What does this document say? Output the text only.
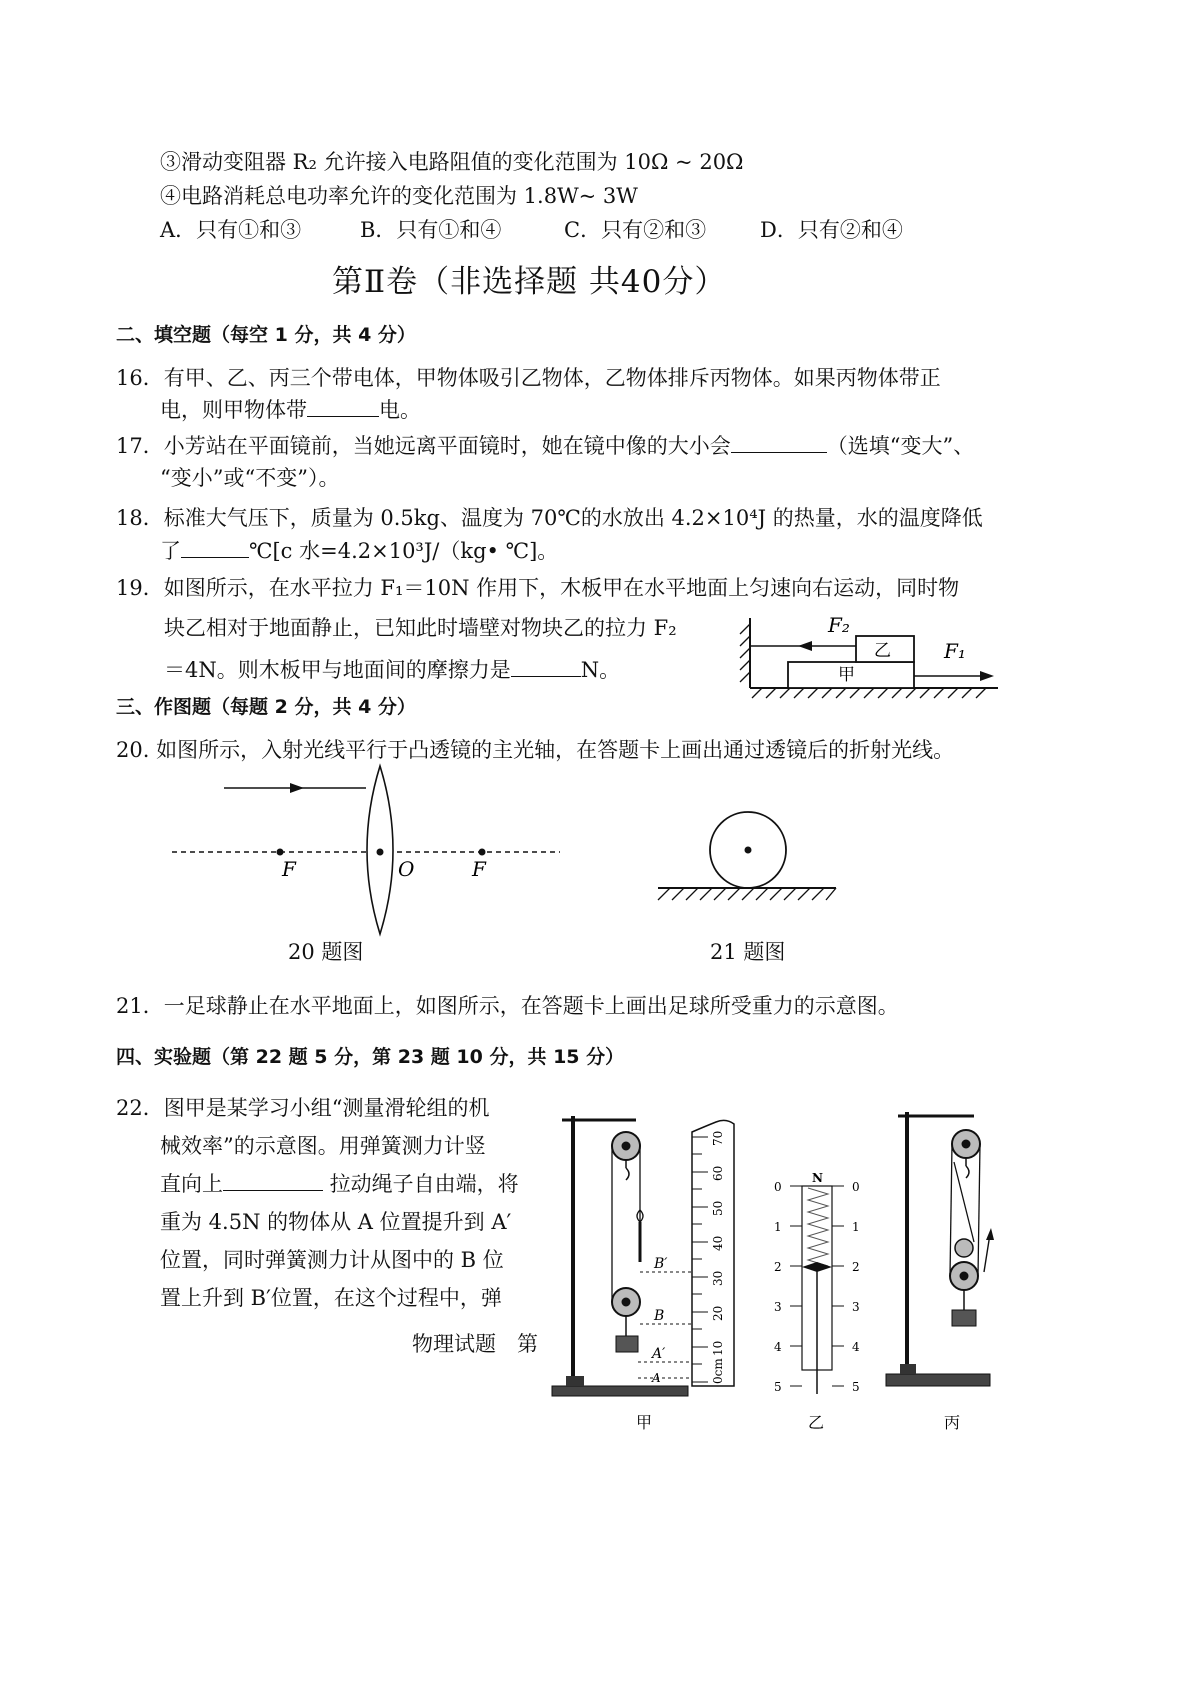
③滑动变阻器 R₂ 允许接入电路阻值的变化范围为 10Ω ~ 20Ω
④电路消耗总电功率允许的变化范围为 1.8W~ 3W
A．只有①和③	B．只有①和④	C．只有②和③	D．只有②和④
第Ⅱ卷（非选择题 共40分）
二、填空题（每空 1 分，共 4 分）
16．有甲、乙、丙三个带电体，甲物体吸引乙物体，乙物体排斥丙物体。如果丙物体带正
电，则甲物体带	电。
17．小芳站在平面镜前，当她远离平面镜时，她在镜中像的大小会	（选填“变大”、
“变小”或“不变”）。
18．标准大气压下，质量为 0.5kg、温度为 70℃的水放出 4.2×10⁴J 的热量，水的温度降低
了	℃[c 水=4.2×10³J/（kg• ℃]。
19．如图所示，在水平拉力 F₁＝10N 作用下，木板甲在水平地面上匀速向右运动，同时物
块乙相对于地面静止，已知此时墙壁对物块乙的拉力 F₂
＝4N。则木板甲与地面间的摩擦力是	N。
F₂
F₁
乙
甲
三、作图题（每题 2 分，共 4 分）
20. 如图所示，入射光线平行于凸透镜的主光轴，在答题卡上画出通过透镜后的折射光线。
F	O	F
20 题图	21 题图
21．一足球静止在水平地面上，如图所示，在答题卡上画出足球所受重力的示意图。
四、实验题（第 22 题 5 分，第 23 题 10 分，共 15 分）
22．图甲是某学习小组“测量滑轮组的机
械效率”的示意图。用弹簧测力计竖
直向上	拉动绳子自由端，将
重为 4.5N 的物体从 A 位置提升到 A′
位置，同时弹簧测力计从图中的 B 位
置上升到 B′位置，在这个过程中，弹
物理试题　第
B′
B
A′
A	0cm
10
20
30
40
50
60
70
甲
N
0
1
2
3
4
5
0
1
2
3
4
5
乙	丙
